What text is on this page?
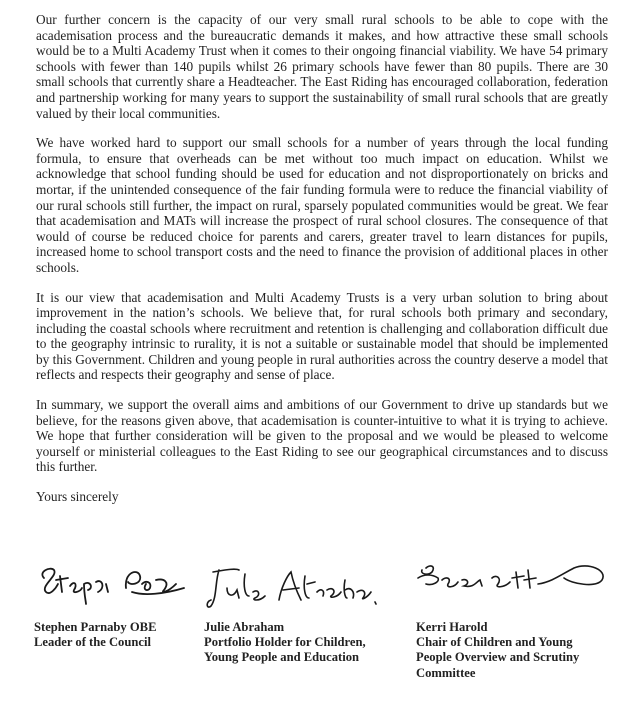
Our further concern is the capacity of our very small rural schools to be able to cope with the academisation process and the bureaucratic demands it makes, and how attractive these small schools would be to a Multi Academy Trust when it comes to their ongoing financial viability. We have 54 primary schools with fewer than 140 pupils whilst 26 primary schools have fewer than 80 pupils. There are 30 small schools that currently share a Headteacher. The East Riding has encouraged collaboration, federation and partnership working for many years to support the sustainability of small rural schools that are greatly valued by their local communities.

We have worked hard to support our small schools for a number of years through the local funding formula, to ensure that overheads can be met without too much impact on education. Whilst we acknowledge that school funding should be used for education and not disproportionately on bricks and mortar, if the unintended consequence of the fair funding formula were to reduce the financial viability of our rural schools still further, the impact on rural, sparsely populated communities would be great. We fear that academisation and MATs will increase the prospect of rural school closures. The consequence of that would of course be reduced choice for parents and carers, greater travel to learn distances for pupils, increased home to school transport costs and the need to finance the provision of additional places in other schools.

It is our view that academisation and Multi Academy Trusts is a very urban solution to bring about improvement in the nation’s schools. We believe that, for rural schools both primary and secondary, including the coastal schools where recruitment and retention is challenging and collaboration difficult due to the geography intrinsic to rurality, it is not a suitable or sustainable model that should be implemented by this Government. Children and young people in rural authorities across the country deserve a model that reflects and respects their geography and sense of place.

In summary, we support the overall aims and ambitions of our Government to drive up standards but we believe, for the reasons given above, that academisation is counter-intuitive to what it is trying to achieve. We hope that further consideration will be given to the proposal and we would be pleased to welcome yourself or ministerial colleagues to the East Riding to see our geographical circumstances and to discuss this further.

Yours sincerely

Stephen Parnaby OBE
Leader of the Council
Julie Abraham
Portfolio Holder for Children,
Young People and Education
Kerri Harold
Chair of Children and Young
People Overview and Scrutiny
Committee
